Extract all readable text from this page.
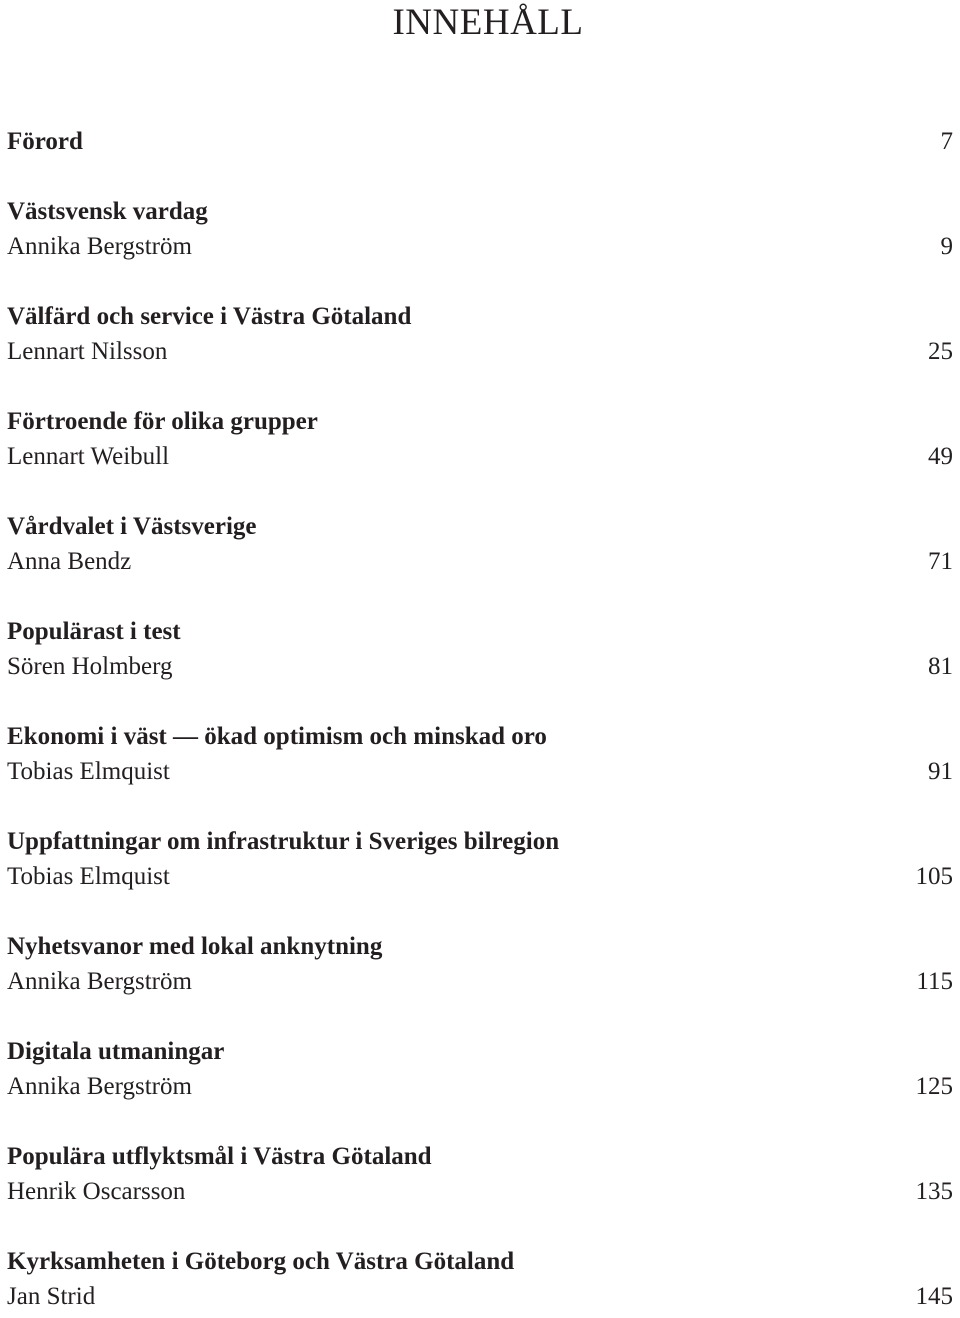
INNEHÅLL
Förord	7
Västsvensk vardag
Annika Bergström	9
Välfärd och service i Västra Götaland
Lennart Nilsson	25
Förtroende för olika grupper
Lennart Weibull	49
Vårdvalet i Västsverige
Anna Bendz	71
Populärast i test
Sören Holmberg	81
Ekonomi i väst — ökad optimism och minskad oro
Tobias Elmquist	91
Uppfattningar om infrastruktur i Sveriges bilregion
Tobias Elmquist	105
Nyhetsvanor med lokal anknytning
Annika Bergström	115
Digitala utmaningar
Annika Bergström	125
Populära utflyktsmål i Västra Götaland
Henrik Oscarsson	135
Kyrksamheten i Göteborg och Västra Götaland
Jan Strid	145
